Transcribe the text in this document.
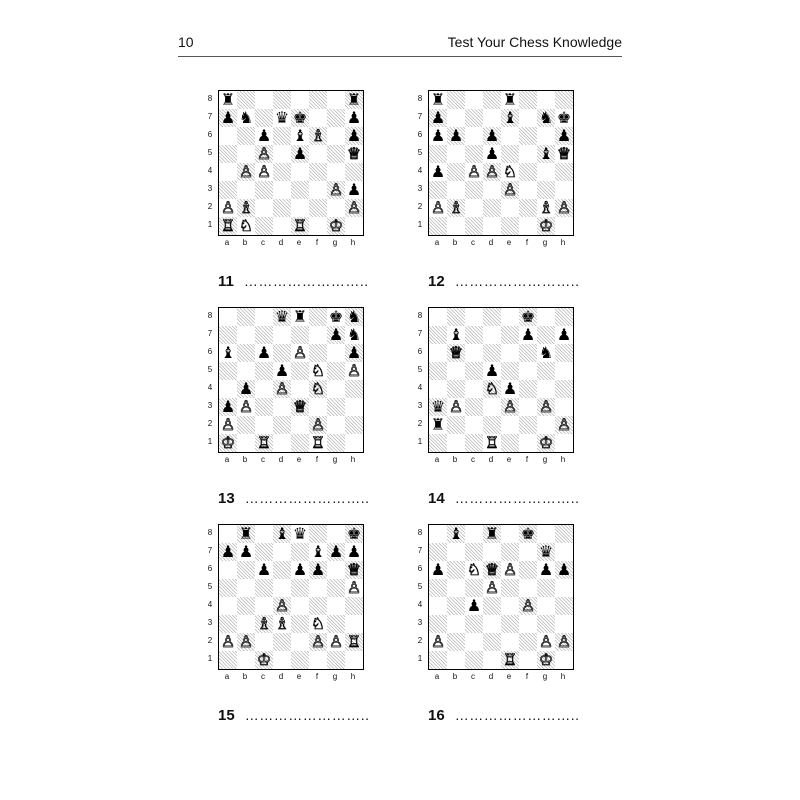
10	Test Your Chess Knowledge
8
7
6
5
4
3
2
1
♜	♜
♟ ♞ ♛ ♚ ♟
♟ ♝ ♗ ♟
♙ ♟ ♕
♙ ♙
♙ ♟
♙ ♗	♙
♖ ♘ ♖ ♔
a	b	c	d	e	f	g	h
11 ……………………..
8
7
6
5
4
3
2
1
♜	♜
♟	♝ ♞ ♚
♟ ♟ ♟	♟
♟ ♝ ♕
♟ ♙ ♙ ♘
♙
♙ ♗	♗ ♙
♔
a	b	c	d	e	f	g	h
12 ……………………..
8
7
6
5
4
3
2
1
♛ ♜ ♚ ♞
♟ ♞
♝ ♟ ♙ ♟
♟ ♘ ♙
♟ ♙ ♘
♟ ♙ ♕
♙	♙
♔ ♖ ♖
a	b	c	d	e	f	g	h
13 ……………………..
8
7
6
5
4
3
2
1
♚
♝	♟ ♟
♕	♞
♟
♘ ♟
♛ ♙ ♙ ♙
♜	♙
♖ ♔
a	b	c	d	e	f	g	h
14 ……………………..
8
7
6
5
4
3
2
1
♜ ♝ ♛ ♚
♟ ♟	♝ ♟ ♟
♟ ♟ ♟ ♕
♙
♙
♗ ♗ ♘
♙ ♙	♙ ♙ ♖
♔
a	b	c	d	e	f	g	h
15 ……………………..
8
7
6
5
4
3
2
1
♝ ♜ ♚
♛
♟ ♘ ♕ ♙ ♟ ♟
♙
♟ ♙
♙	♙ ♙
♖ ♔
a	b	c	d	e	f	g	h
16 ……………………..
